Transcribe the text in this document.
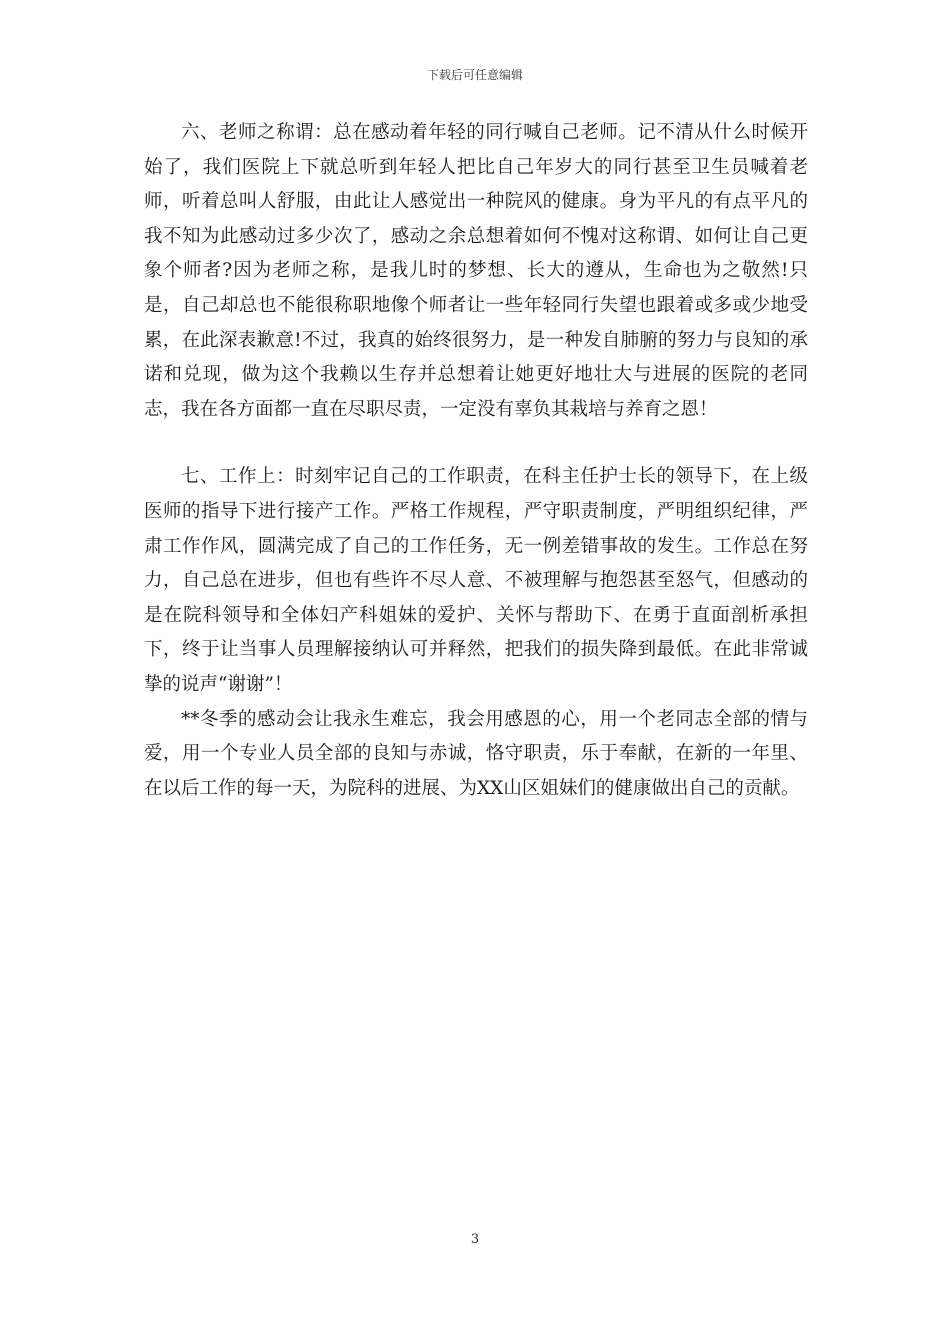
下载后可任意编辑

六、老师之称谓：总在感动着年轻的同行喊自己老师。记不清从什么时候开始了，我们医院上下就总听到年轻人把比自己年岁大的同行甚至卫生员喊着老师，听着总叫人舒服，由此让人感觉出一种院风的健康。身为平凡的有点平凡的我不知为此感动过多少次了，感动之余总想着如何不愧对这称谓、如何让自己更象个师者?因为老师之称，是我儿时的梦想、长大的遵从，生命也为之敬然!只是，自己却总也不能很称职地像个师者让一些年轻同行失望也跟着或多或少地受累，在此深表歉意!不过，我真的始终很努力，是一种发自肺腑的努力与良知的承诺和兑现，做为这个我赖以生存并总想着让她更好地壮大与进展的医院的老同志，我在各方面都一直在尽职尽责，一定没有辜负其栽培与养育之恩！

七、工作上：时刻牢记自己的工作职责，在科主任护士长的领导下，在上级医师的指导下进行接产工作。严格工作规程，严守职责制度，严明组织纪律，严肃工作作风，圆满完成了自己的工作任务，无一例差错事故的发生。工作总在努力，自己总在进步，但也有些许不尽人意、不被理解与抱怨甚至怒气，但感动的是在院科领导和全体妇产科姐妹的爱护、关怀与帮助下、在勇于直面剖析承担下，终于让当事人员理解接纳认可并释然，把我们的损失降到最低。在此非常诚挚的说声“谢谢”！

**冬季的感动会让我永生难忘，我会用感恩的心，用一个老同志全部的情与爱，用一个专业人员全部的良知与赤诚，恪守职责，乐于奉献，在新的一年里、在以后工作的每一天，为院科的进展、为XX山区姐妹们的健康做出自己的贡献。

3
